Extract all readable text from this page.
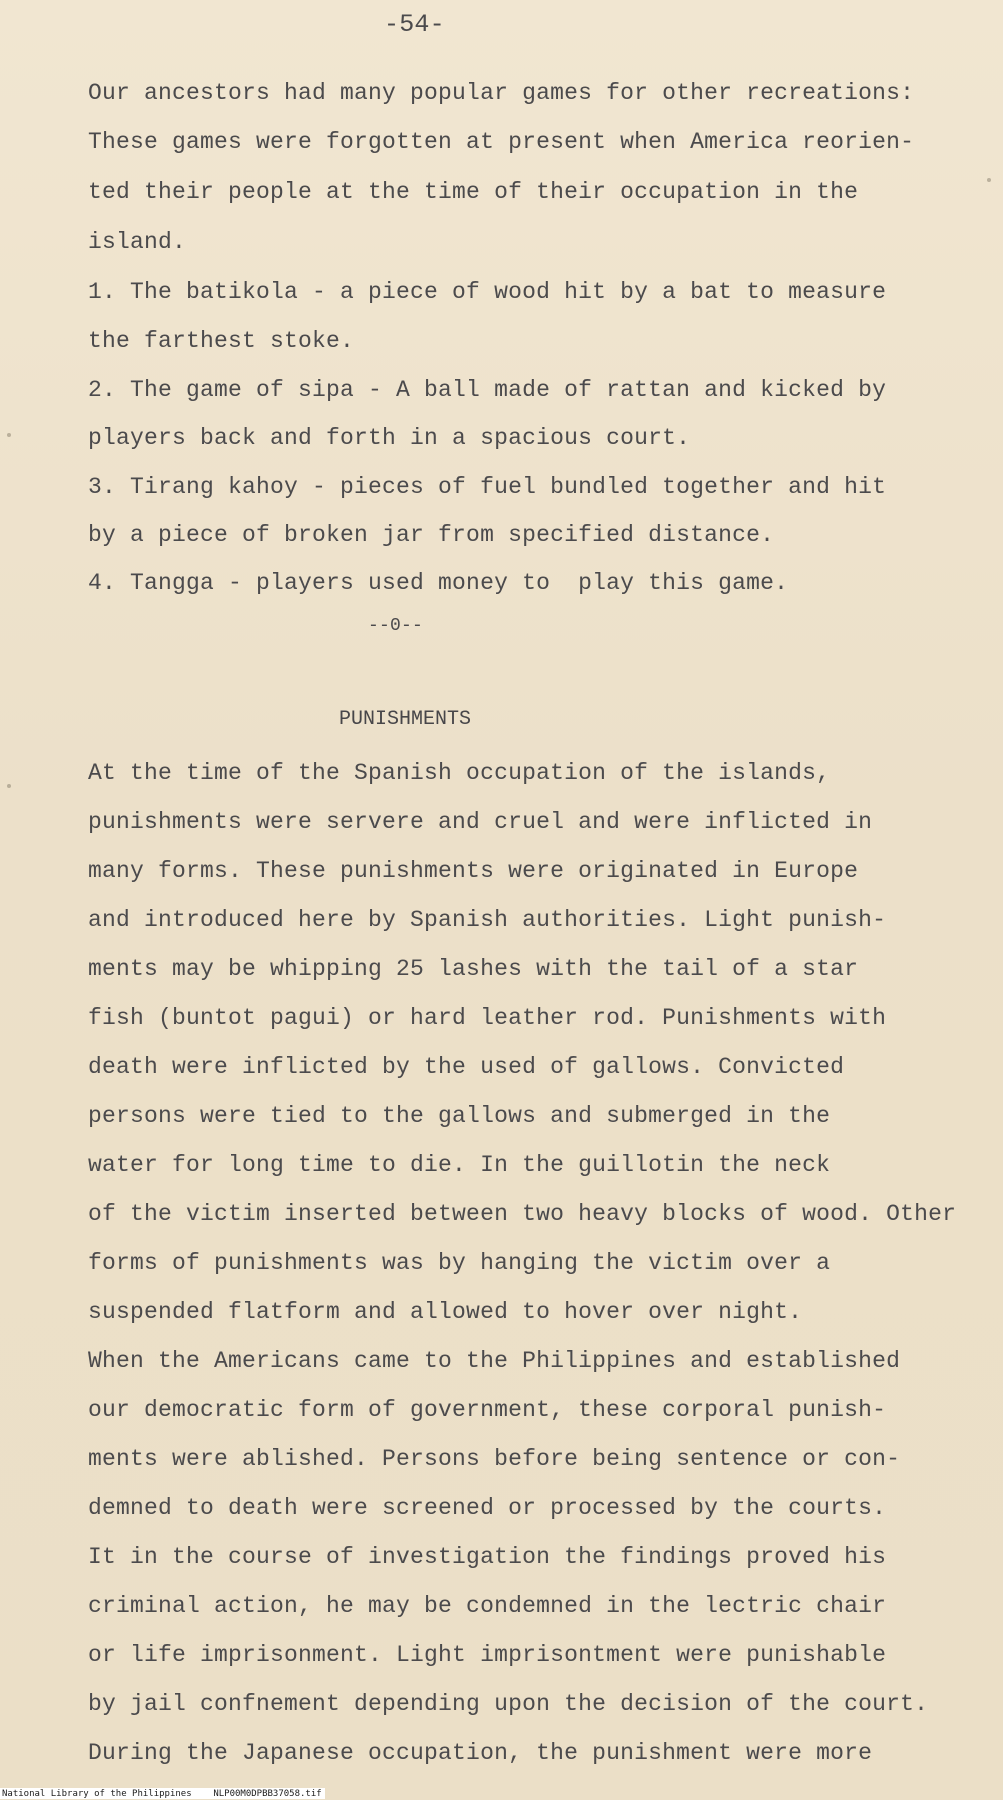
-54-
Our ancestors had many popular games for other recreations:
These games were forgotten at present when America reorien-
ted their people at the time of their occupation in the
island.
1. The batikola - a piece of wood hit by a bat to measure
the farthest stoke.
2. The game of sipa - A ball made of rattan and kicked by
players back and forth in a spacious court.
3. Tirang kahoy - pieces of fuel bundled together and hit
by a piece of broken jar from specified distance.
4. Tangga - players used money to  play this game.
--0--
PUNISHMENTS
At the time of the Spanish occupation of the islands,
punishments were servere and cruel and were inflicted in
many forms. These punishments were originated in Europe
and introduced here by Spanish authorities. Light punish-
ments may be whipping 25 lashes with the tail of a star
fish (buntot pagui) or hard leather rod. Punishments with
death were inflicted by the used of gallows. Convicted
persons were tied to the gallows and submerged in the
water for long time to die. In the guillotin the neck
of the victim inserted between two heavy blocks of wood. Other
forms of punishments was by hanging the victim over a
suspended flatform and allowed to hover over night.
When the Americans came to the Philippines and established
our democratic form of government, these corporal punish-
ments were ablished. Persons before being sentence or con-
demned to death were screened or processed by the courts.
It in the course of investigation the findings proved his
criminal action, he may be condemned in the lectric chair
or life imprisonment. Light imprisontment were punishable
by jail confnement depending upon the decision of the court.
During the Japanese occupation, the punishment were more
National Library of the Philippines    NLP00M0DPBB37058.tif
